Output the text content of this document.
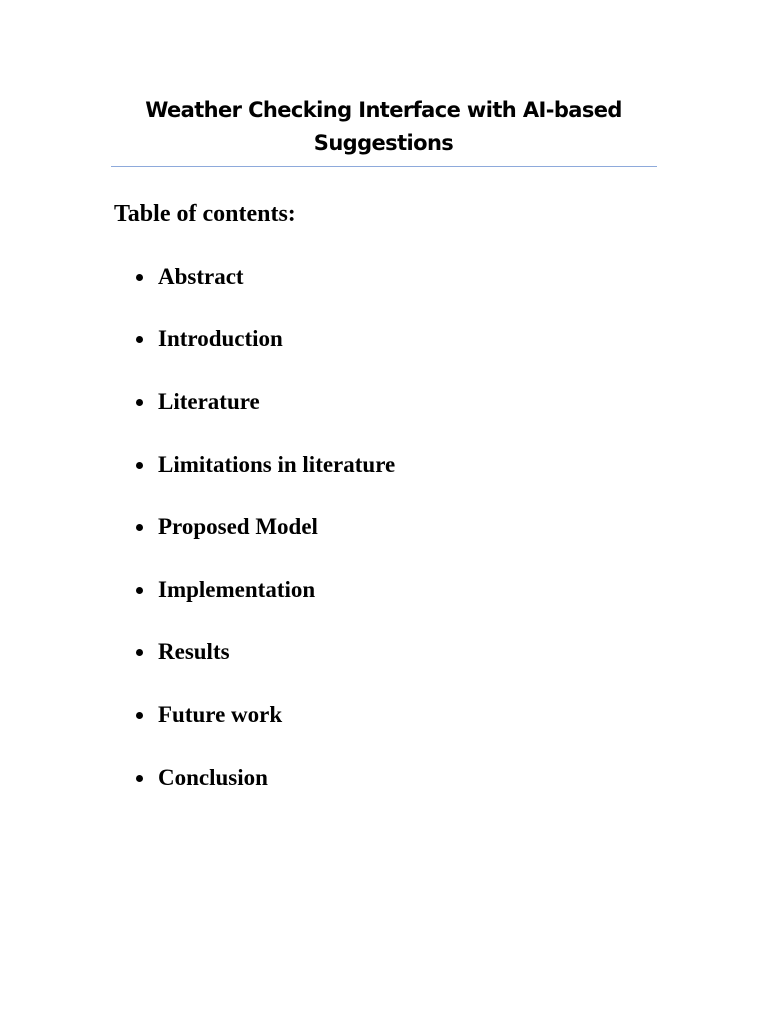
Weather Checking Interface with AI-based Suggestions
Table of contents:
Abstract
Introduction
Literature
Limitations in literature
Proposed Model
Implementation
Results
Future work
Conclusion
